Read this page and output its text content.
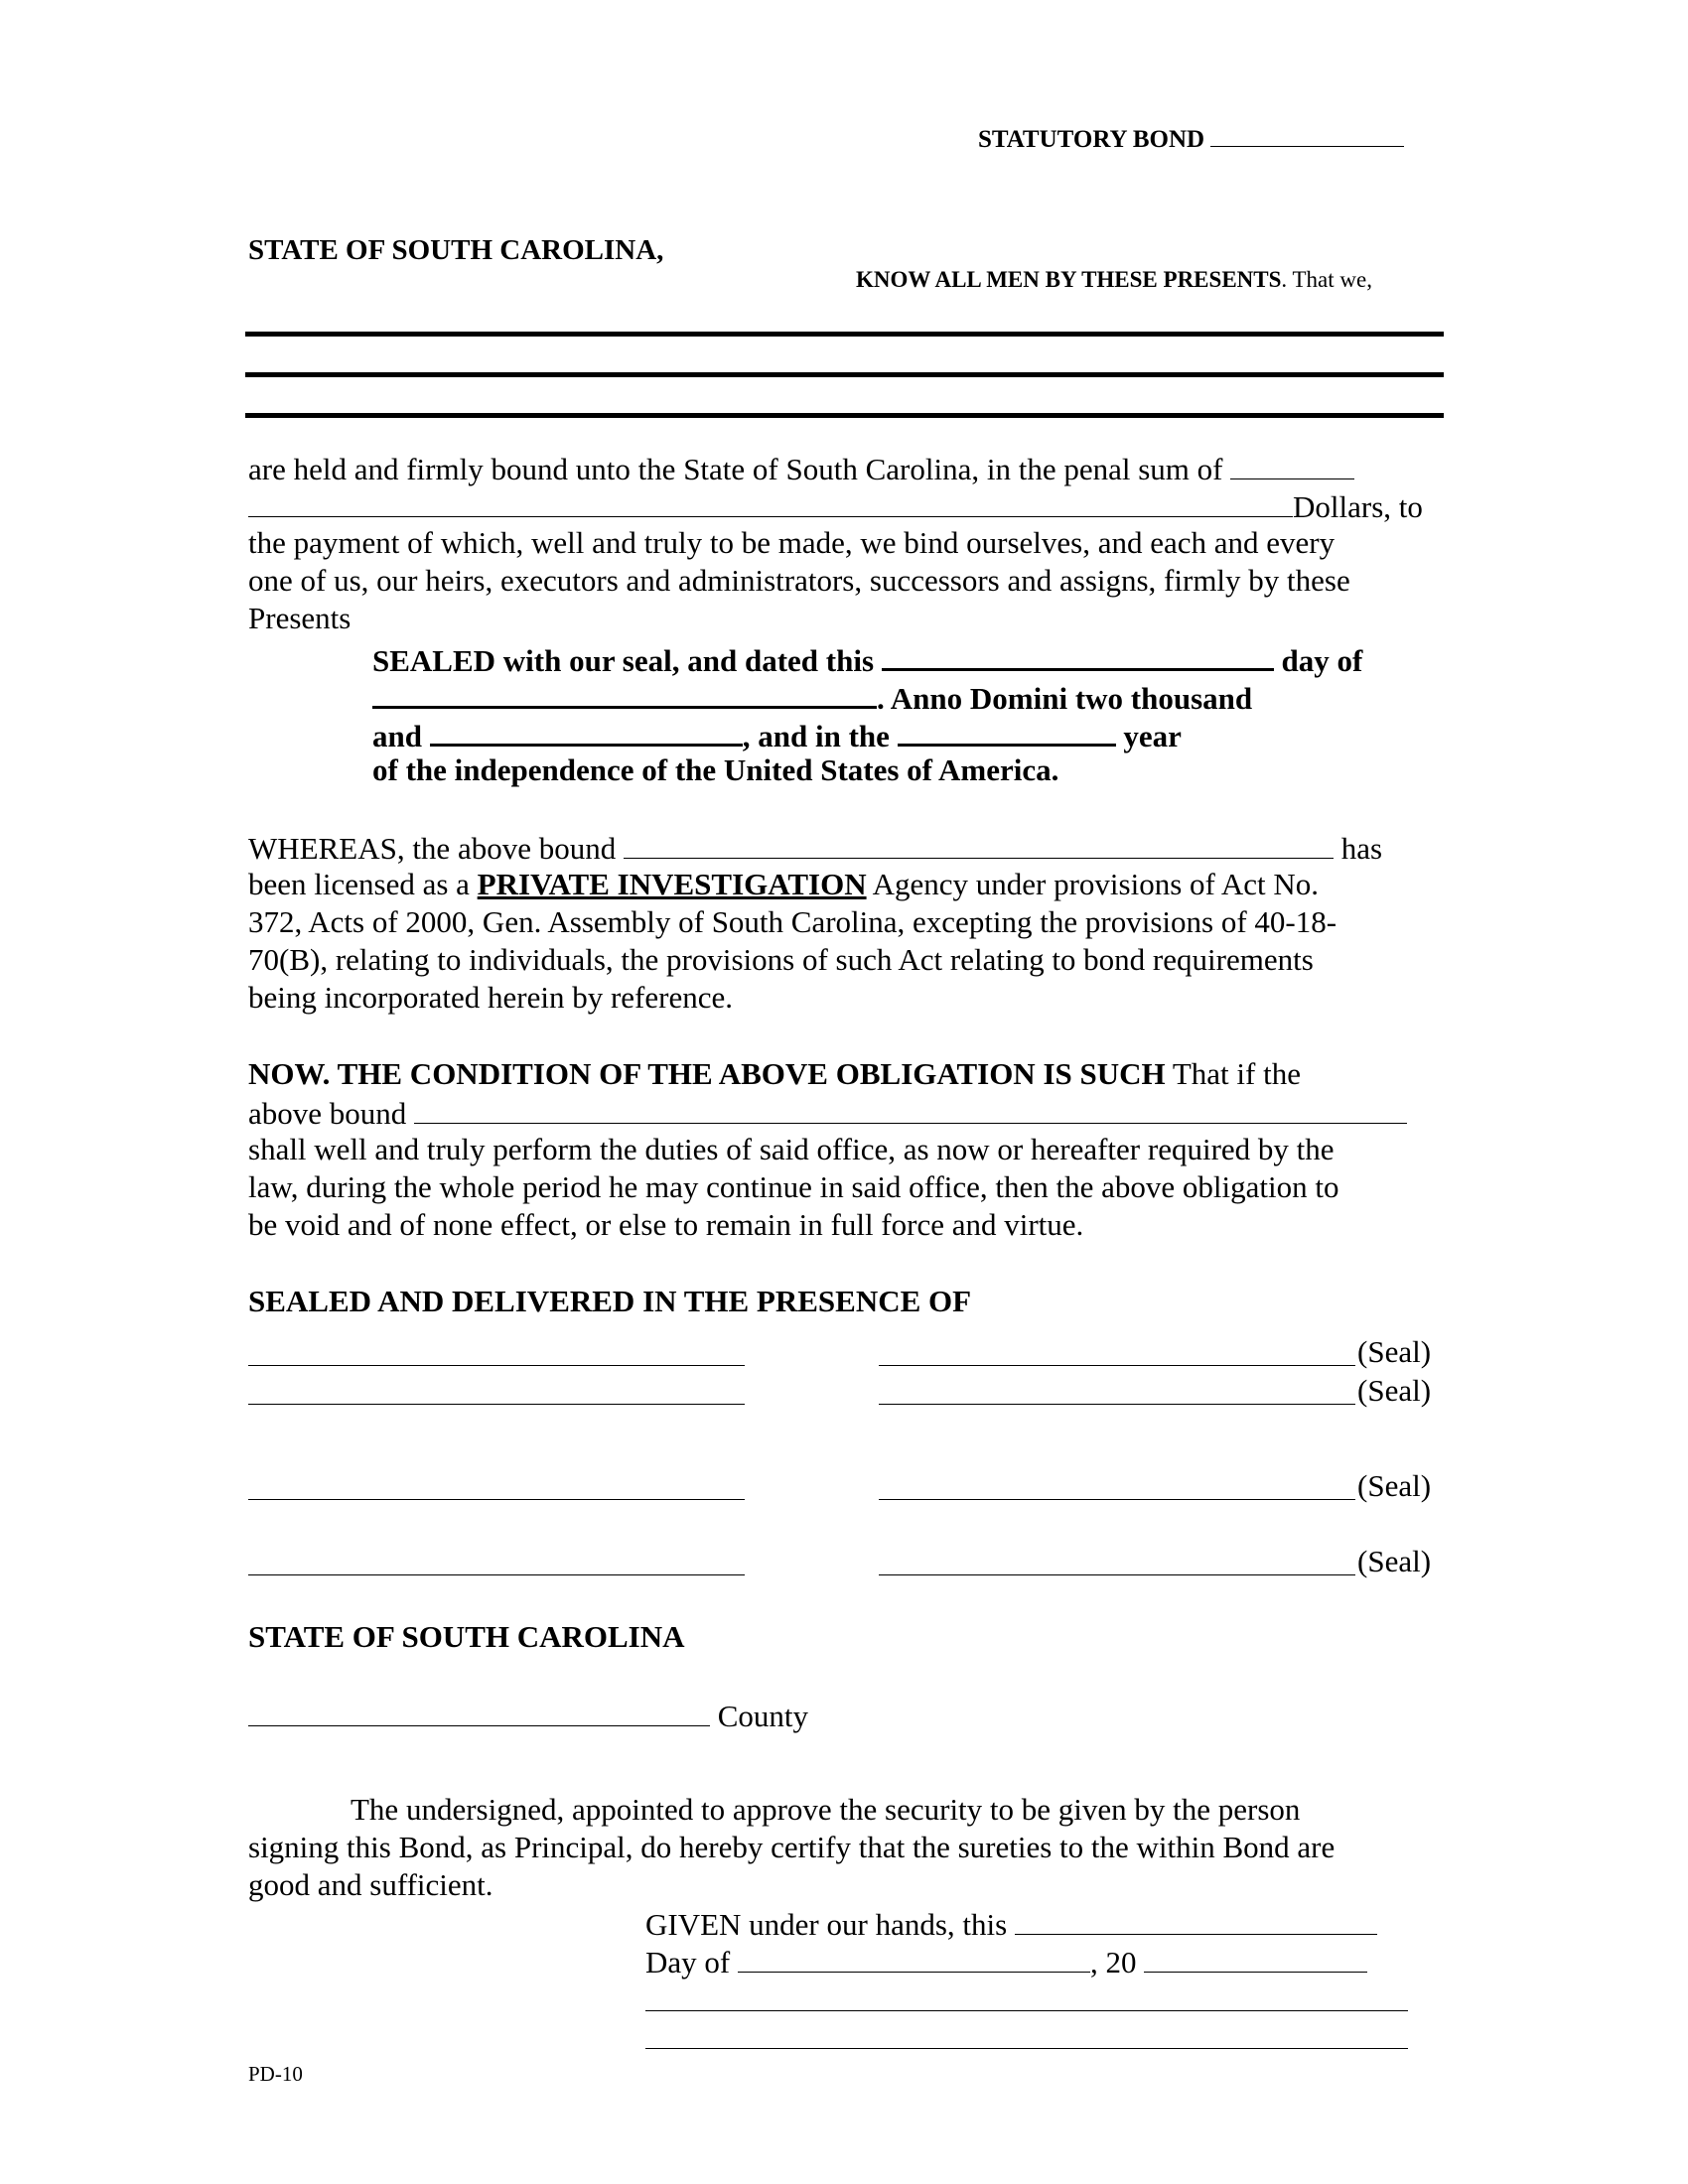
STATUTORY BOND
STATE OF SOUTH CAROLINA,
KNOW ALL MEN BY THESE PRESENTS. That we,
are held and firmly bound unto the State of South Carolina, in the penal sum of
Dollars, to
the payment of which, well and truly to be made, we bind ourselves, and each and every
one of us, our heirs, executors and administrators, successors and assigns, firmly by these
Presents
SEALED with our seal, and dated this	day of
. Anno Domini two thousand
and	, and in the	year
of the independence of the United States of America.
WHEREAS, the above bound	has
been licensed as a PRIVATE INVESTIGATION Agency under provisions of Act No.
372, Acts of 2000, Gen. Assembly of South Carolina, excepting the provisions of 40-18-
70(B), relating to individuals, the provisions of such Act relating to bond requirements
being incorporated herein by reference.
NOW. THE CONDITION OF THE ABOVE OBLIGATION IS SUCH That if the
above bound
shall well and truly perform the duties of said office, as now or hereafter required by the
law, during the whole period he may continue in said office, then the above obligation to
be void and of none effect, or else to remain in full force and virtue.
SEALED AND DELIVERED IN THE PRESENCE OF
(Seal)
(Seal)
(Seal)
(Seal)
STATE OF SOUTH CAROLINA
County
The undersigned, appointed to approve the security to be given by the person
signing this Bond, as Principal, do hereby certify that the sureties to the within Bond are
good and sufficient.
GIVEN under our hands, this
Day of	, 20
PD-10
